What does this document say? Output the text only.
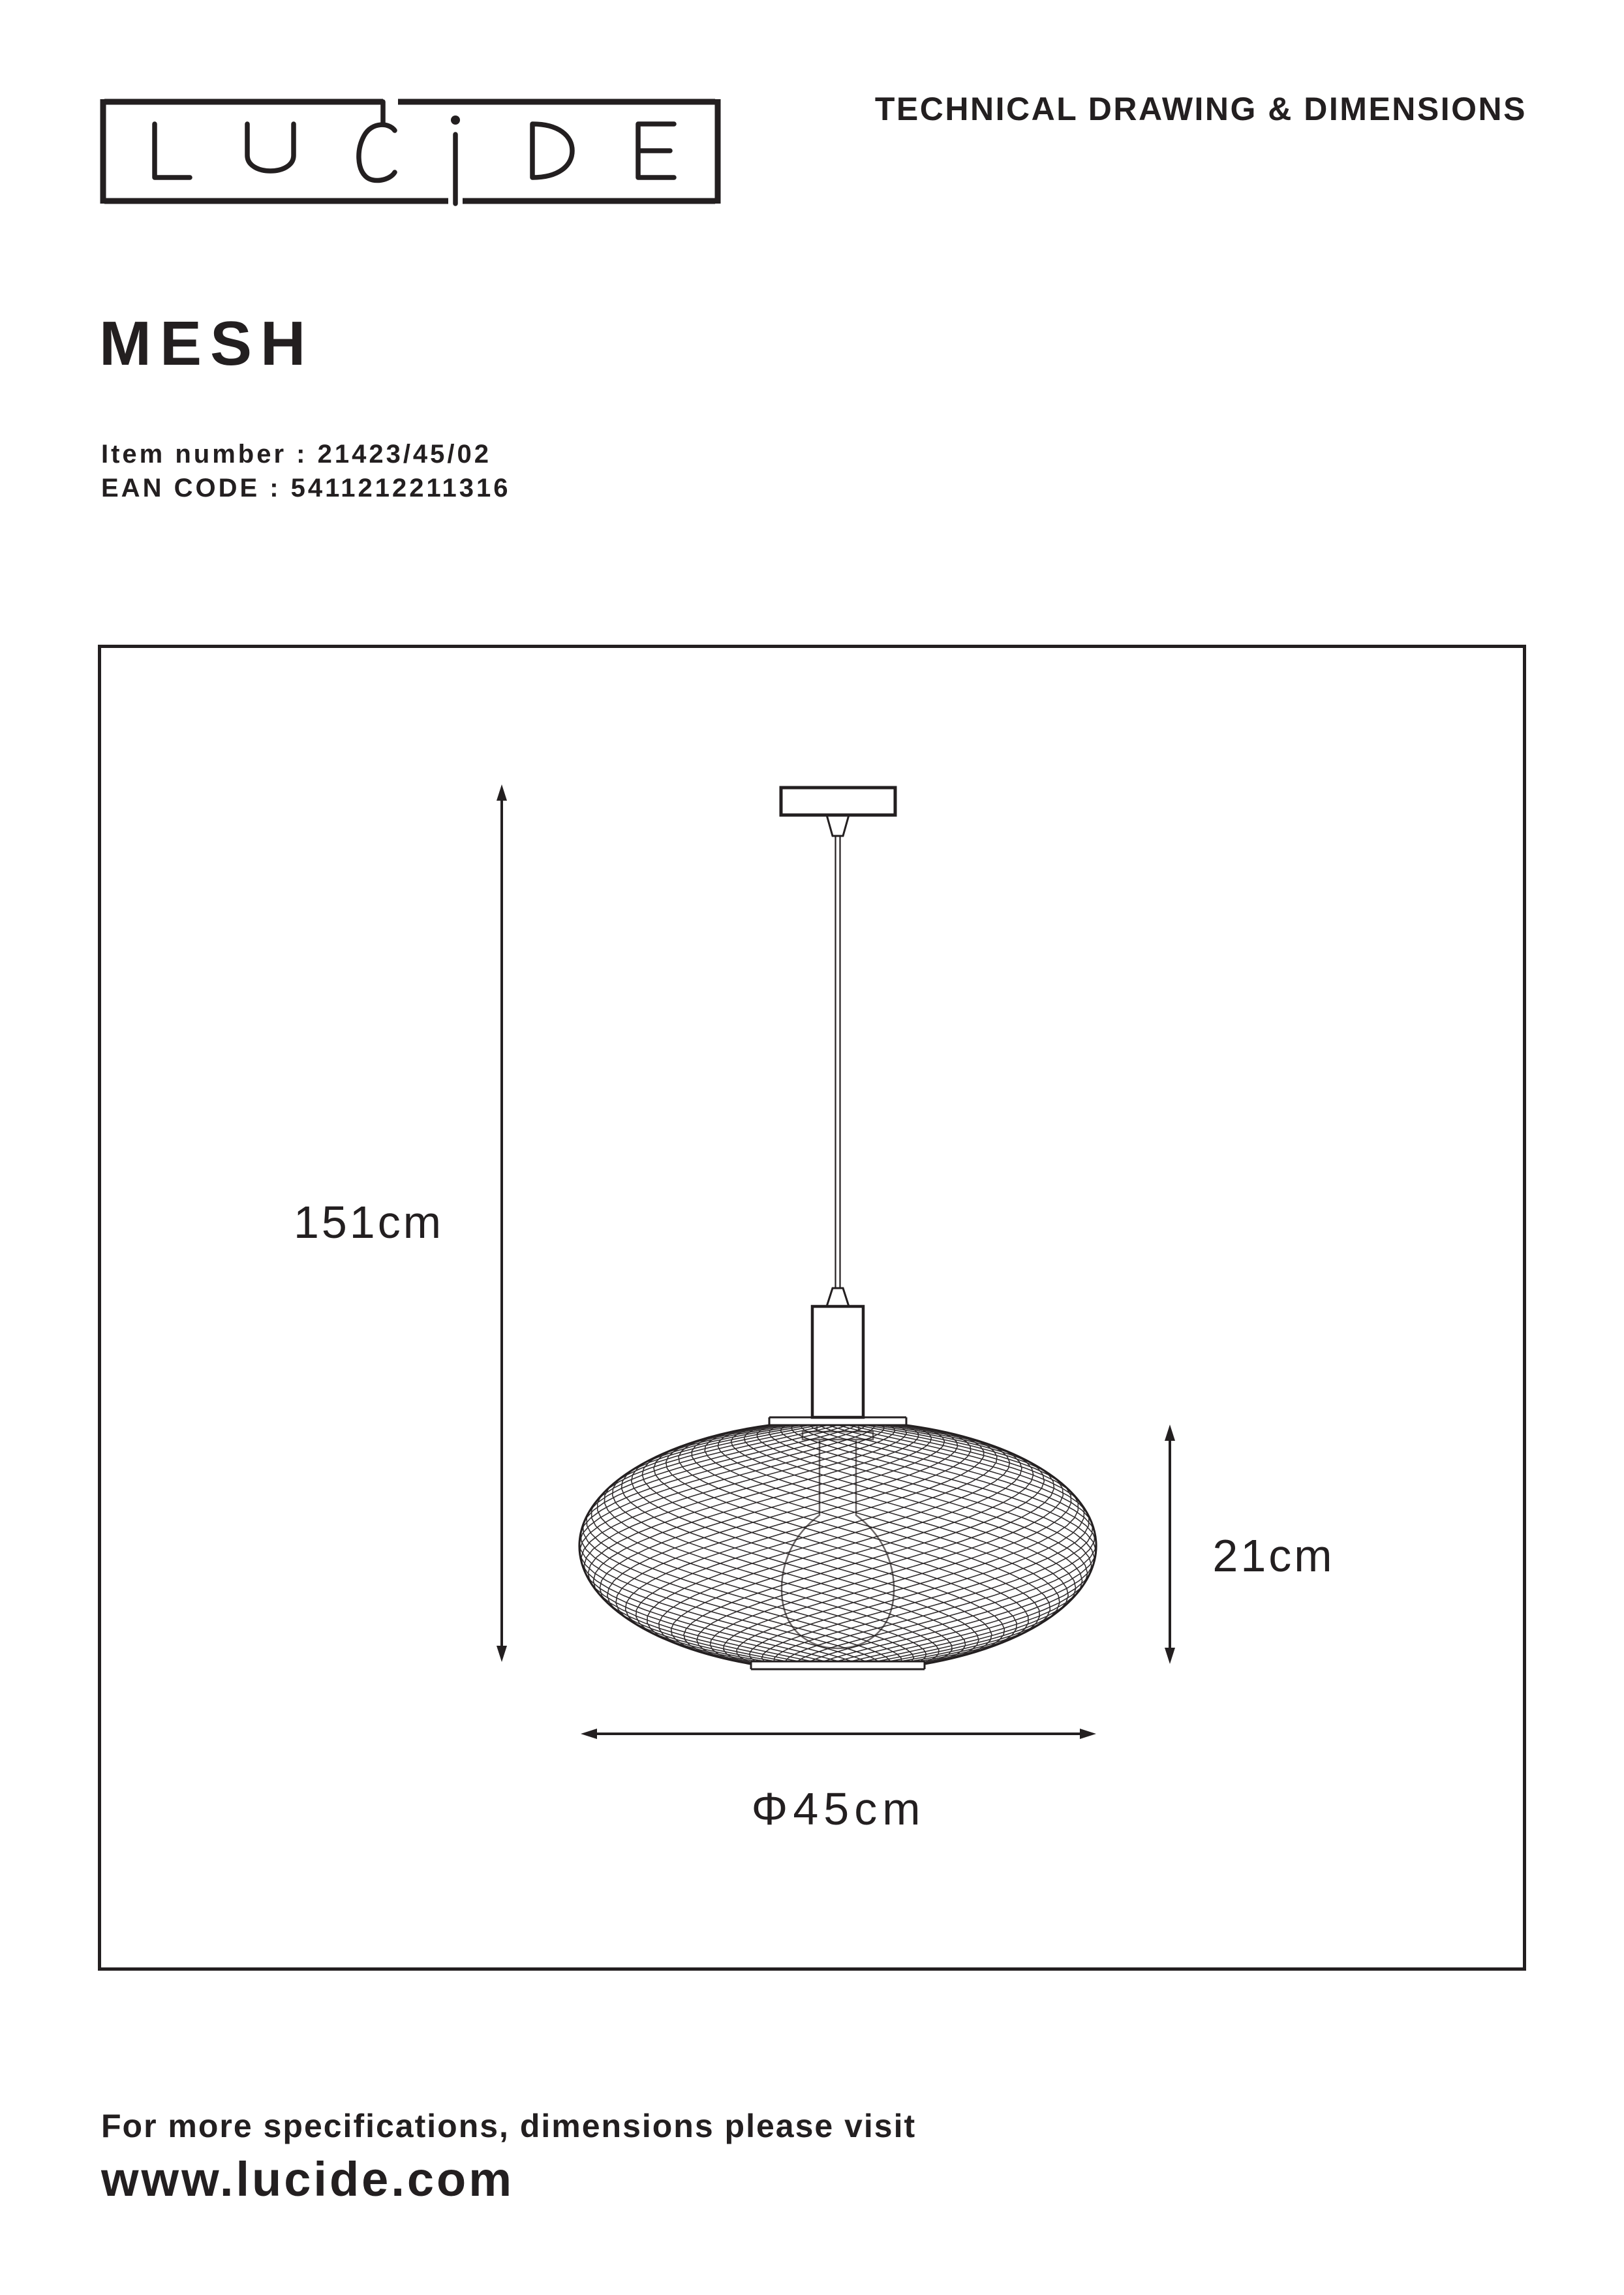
TECHNICAL DRAWING & DIMENSIONS
MESH
Item number : 21423/45/02
EAN CODE : 5411212211316
151cm
21cm
Φ45cm
For more specifications, dimensions please visit
www.lucide.com
